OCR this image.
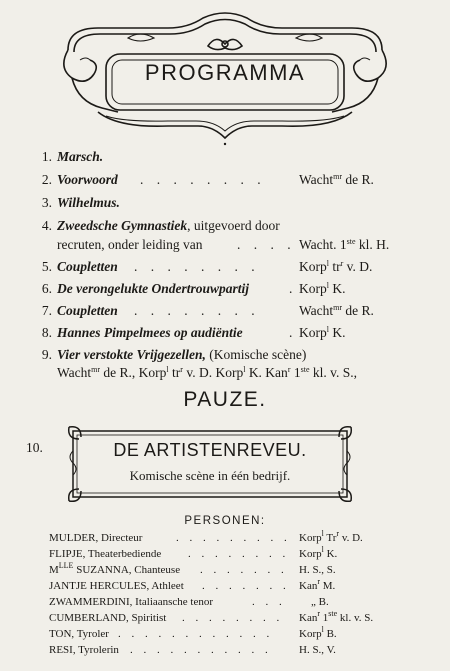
PROGRAMMA
1. Marsch.
2. Voorwoord . . . . . . . . Wacht$^{mr}$ de R.
3. Wilhelmus.
4. Zweedsche Gymnastiek, uitgevoerd door
recruten, onder leiding van	. . . . Wacht. 1ste kl. H.
5. Coupletten . . . . . . . .	Korp$^l$ $tr^r$ v. D.
6. De verongelukte Ondertrouwpartij	. Korp$^l$ K.
7. Coupletten . . . . . . . .	Wacht$^{mr}$ de R.
8. Hannes Pimpelmees op audiëntie	. Korp$^l$ K.
9. Vier verstokte Vrijgezellen, (Komische scène)
Wacht$^{mr}$ de R., Korp$^l$ $tr^r$ v. D. Korp$^l$ K. Kan$^r$ 1ste kl. v. S.,
PAUZE.
10.	DE ARTISTENREVEU.
Komische scène in één bedrijf.
PERSONEN:
MULDER, Directeur	. . . . . . . . . Korp$^l$ Tr$^r$ v. D.
FLIPJE, Theaterbediende . . . . . . . . Korp$^l$ K.
$M^{LLE}$ SUZANNA, Chanteuse . . . . . . . H. S., S.
JANTJE HERCULES, Athleet . . . . . . . Kan$^r$ M.
ZWAMMERDINI, Italiaansche tenor	. . . „ B.
CUMBERLAND, Spiritist . . . . . . . . Kan$^r$ 1ste kl. v. S.
TON, Tyroler . . . . . . . . . . . . Korp$^l$ B.
RESI, Tyrolerin . . . . . . . . . . . H. S., V.
